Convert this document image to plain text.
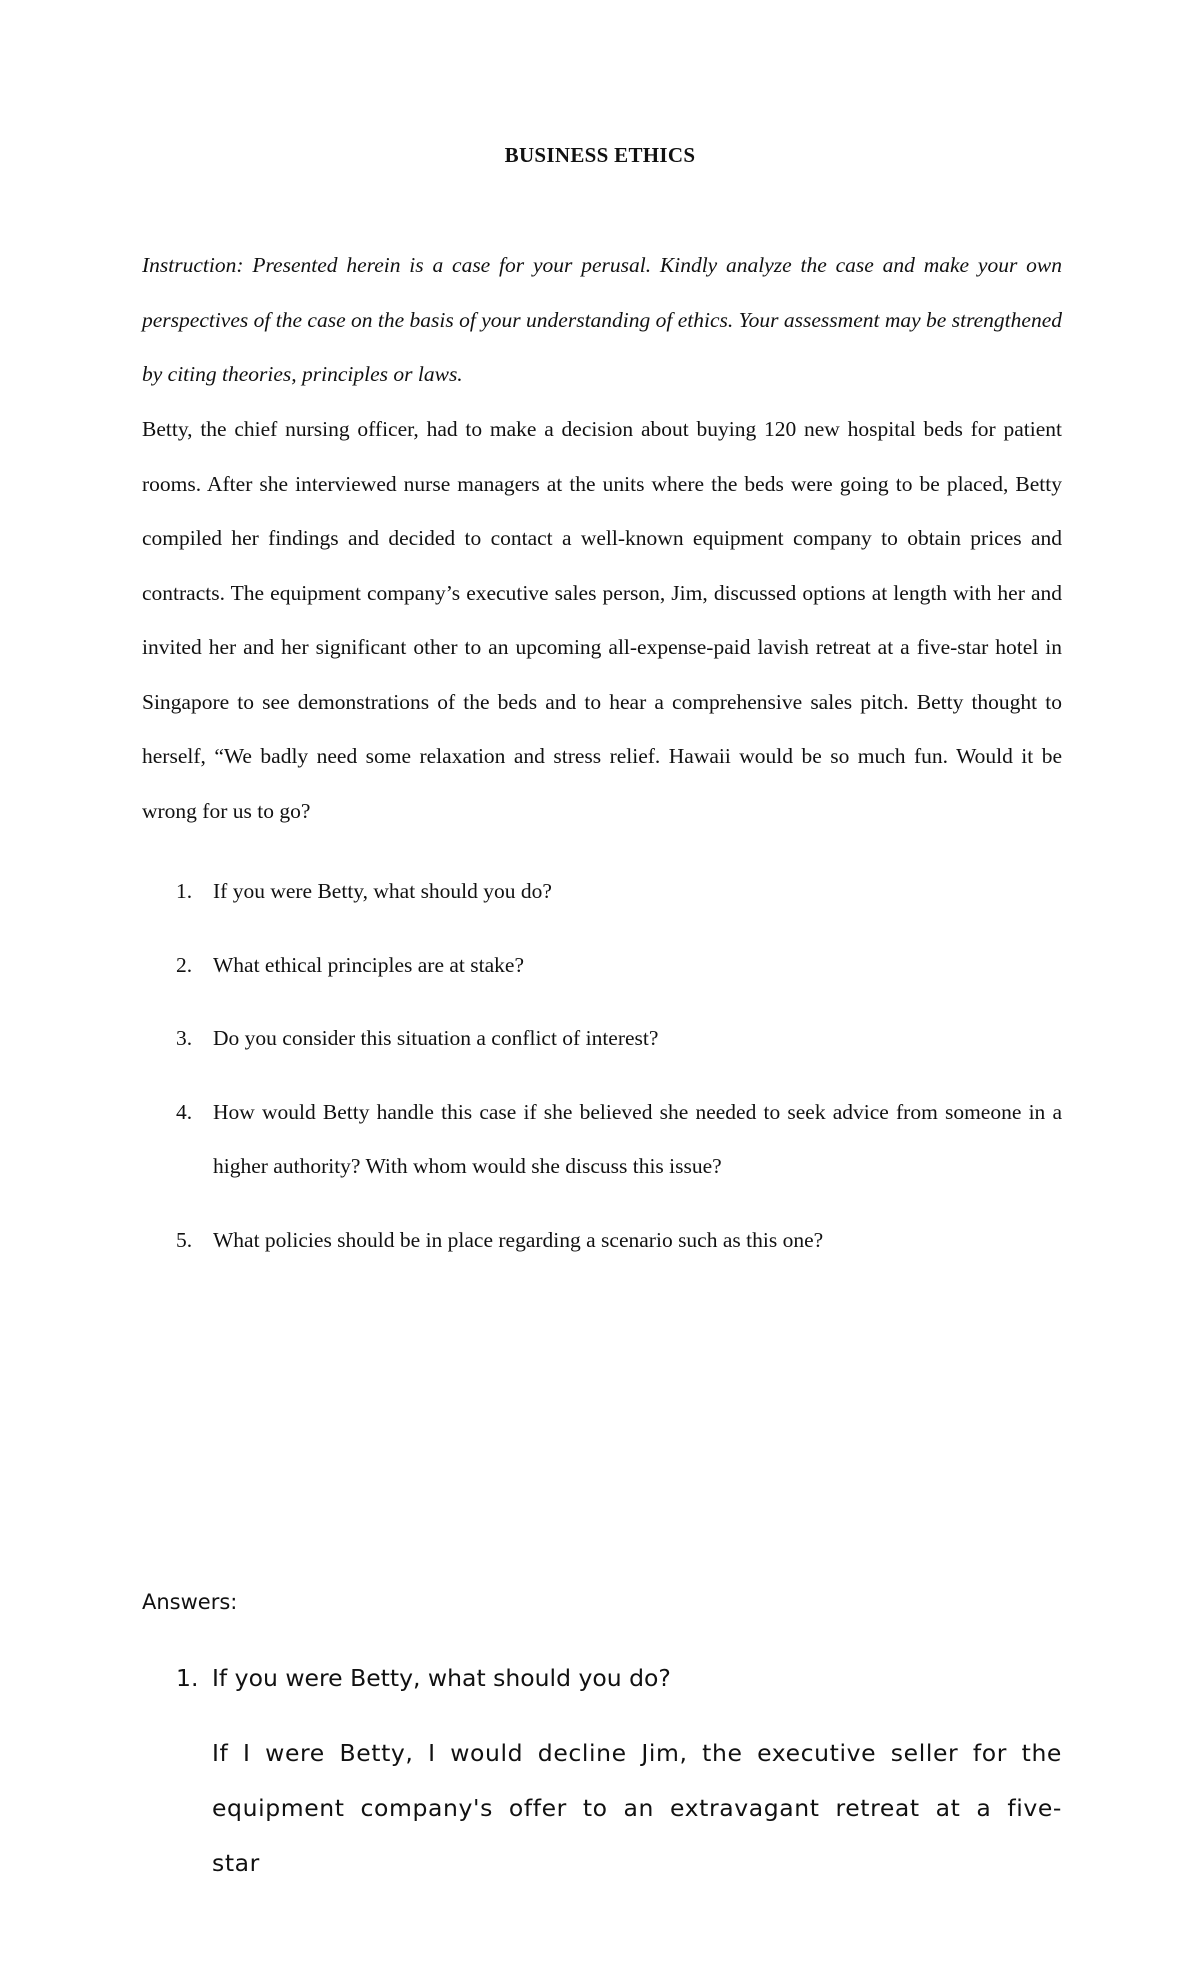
BUSINESS ETHICS

Instruction: Presented herein is a case for your perusal. Kindly analyze the case and make your own perspectives of the case on the basis of your understanding of ethics. Your assessment may be strengthened by citing theories, principles or laws.

Betty, the chief nursing officer, had to make a decision about buying 120 new hospital beds for patient rooms. After she interviewed nurse managers at the units where the beds were going to be placed, Betty compiled her findings and decided to contact a well-known equipment company to obtain prices and contracts. The equipment company’s executive sales person, Jim, discussed options at length with her and invited her and her significant other to an upcoming all-expense-paid lavish retreat at a five-star hotel in Singapore to see demonstrations of the beds and to hear a comprehensive sales pitch. Betty thought to herself, “We badly need some relaxation and stress relief. Hawaii would be so much fun. Would it be wrong for us to go?

1. If you were Betty, what should you do?
2. What ethical principles are at stake?
3. Do you consider this situation a conflict of interest?
4. How would Betty handle this case if she believed she needed to seek advice from someone in a higher authority? With whom would she discuss this issue?
5. What policies should be in place regarding a scenario such as this one?
Answers:
1. If you were Betty, what should you do?

If I were Betty, I would decline Jim, the executive seller for the equipment company's offer to an extravagant retreat at a five-star
